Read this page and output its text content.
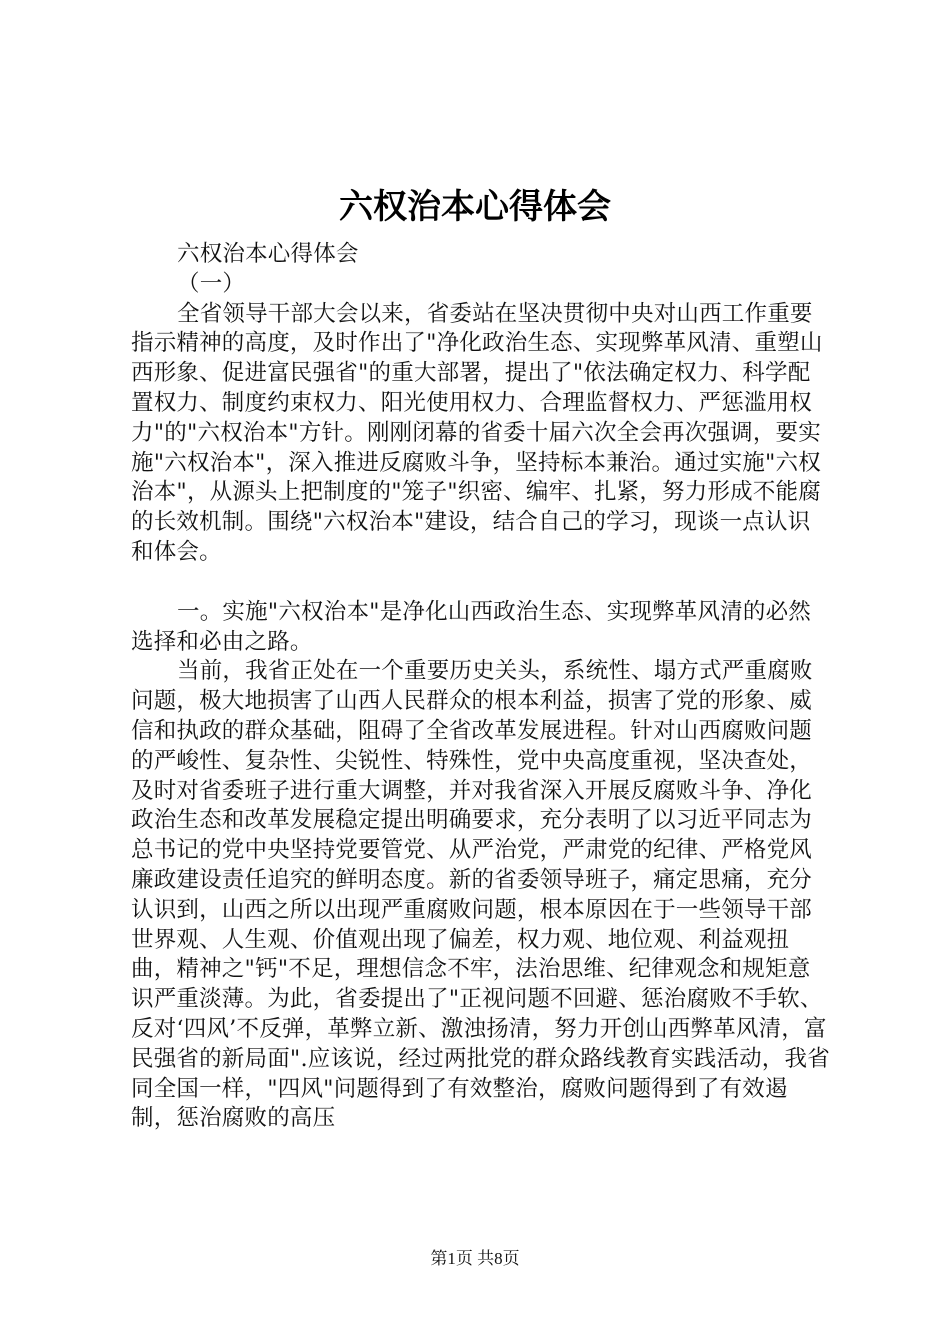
六权治本心得体会

六权治本心得体会

（一）

全省领导干部大会以来，省委站在坚决贯彻中央对山西工作重要指示精神的高度，及时作出了"净化政治生态、实现弊革风清、重塑山西形象、促进富民强省"的重大部署，提出了"依法确定权力、科学配置权力、制度约束权力、阳光使用权力、合理监督权力、严惩滥用权力"的"六权治本"方针。刚刚闭幕的省委十届六次全会再次强调，要实施"六权治本"，深入推进反腐败斗争，坚持标本兼治。通过实施"六权治本"，从源头上把制度的"笼子"织密、编牢、扎紧，努力形成不能腐的长效机制。围绕"六权治本"建设，结合自己的学习，现谈一点认识和体会。

一。实施"六权治本"是净化山西政治生态、实现弊革风清的必然选择和必由之路。

当前，我省正处在一个重要历史关头，系统性、塌方式严重腐败问题，极大地损害了山西人民群众的根本利益，损害了党的形象、威信和执政的群众基础，阻碍了全省改革发展进程。针对山西腐败问题的严峻性、复杂性、尖锐性、特殊性，党中央高度重视，坚决查处，及时对省委班子进行重大调整，并对我省深入开展反腐败斗争、净化政治生态和改革发展稳定提出明确要求，充分表明了以习近平同志为总书记的党中央坚持党要管党、从严治党，严肃党的纪律、严格党风廉政建设责任追究的鲜明态度。新的省委领导班子，痛定思痛，充分认识到，山西之所以出现严重腐败问题，根本原因在于一些领导干部世界观、人生观、价值观出现了偏差，权力观、地位观、利益观扭曲，精神之"钙"不足，理想信念不牢，法治思维、纪律观念和规矩意识严重淡薄。为此，省委提出了"正视问题不回避、惩治腐败不手软、反对‘四风’不反弹，革弊立新、激浊扬清，努力开创山西弊革风清，富民强省的新局面".应该说，经过两批党的群众路线教育实践活动，我省同全国一样，"四风"问题得到了有效整治，腐败问题得到了有效遏制，惩治腐败的高压

第1页 共8页
